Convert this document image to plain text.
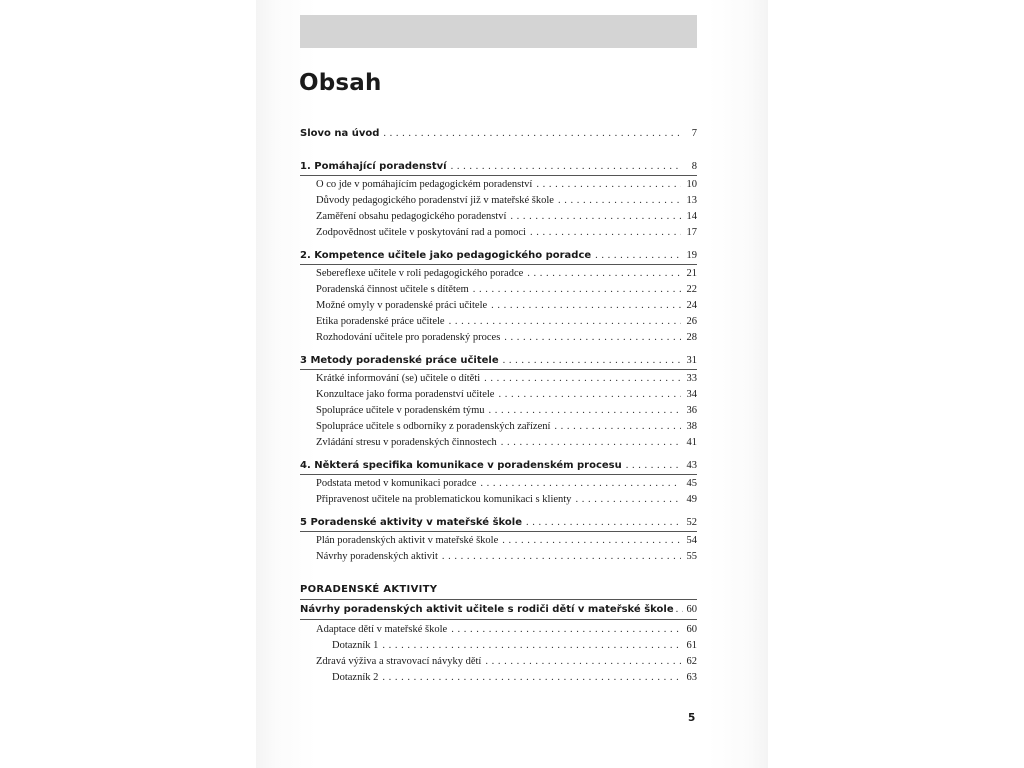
Obsah
Slovo na úvod . . .	7
1. Pomáhající poradenství . . .	8
O co jde v pomáhajícím pedagogickém poradenství . . .	10
Důvody pedagogického poradenství již v mateřské škole . . .	13
Zaměření obsahu pedagogického poradenství . . .	14
Zodpovědnost učitele v poskytování rad a pomoci . . .	17
2. Kompetence učitele jako pedagogického poradce . . .	19
Sebereflexe učitele v roli pedagogického poradce . . .	21
Poradenská činnost učitele s dítětem . . .	22
Možné omyly v poradenské práci učitele . . .	24
Etika poradenské práce učitele . . .	26
Rozhodování učitele pro poradenský proces . . .	28
3 Metody poradenské práce učitele . . .	31
Krátké informování (se) učitele o dítěti . . .	33
Konzultace jako forma poradenství učitele . . .	34
Spolupráce učitele v poradenském týmu . . .	36
Spolupráce učitele s odborníky z poradenských zařízení . . .	38
Zvládání stresu v poradenských činnostech . . .	41
4. Některá specifika komunikace v poradenském procesu . . .	43
Podstata metod v komunikaci poradce . . .	45
Připravenost učitele na problematickou komunikaci s klienty . . .	49
5 Poradenské aktivity v mateřské škole . . .	52
Plán poradenských aktivit v mateřské škole . . .	54
Návrhy poradenských aktivit . . .	55
PORADENSKÉ AKTIVITY
Návrhy poradenských aktivit učitele s rodiči dětí v mateřské škole . . . 60
Adaptace dětí v mateřské škole . . .	60
Dotazník 1 . . .	61
Zdravá výživa a stravovací návyky dětí . . .	62
Dotazník 2 . . .	63
5
